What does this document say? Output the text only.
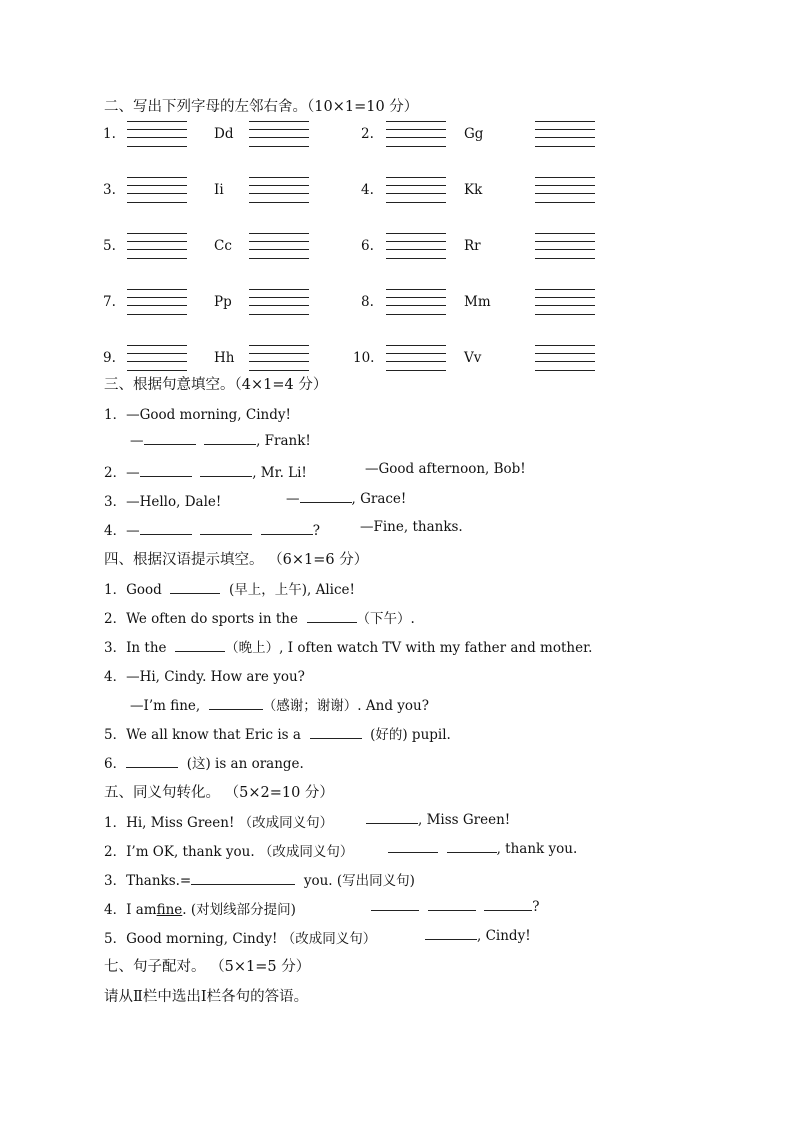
二、写出下列字母的左邻右舍。（10×1=10 分）
1.	Dd	2.	Gg
3.	Ii	4.	Kk
5.	Cc	6.	Rr
7.	Pp	8.	Mm
9.	Hh	10.	Vv
三、根据句意填空。（4×1=4 分）
1．—Good morning, Cindy!
—	, Frank!
2．—	, Mr. Li!	—Good afternoon, Bob!
3．—Hello, Dale!	—	, Grace!
4．—	?	—Fine, thanks.
四、根据汉语提示填空。 （6×1=6 分）
1．Good	(早上，上午), Alice!
2．We often do sports in the	（下午）.
3．In the	（晚上）, I often watch TV with my father and mother.
4．—Hi, Cindy. How are you?
—I’m fine,	（感谢；谢谢）. And you?
5．We all know that Eric is a	(好的) pupil.
6．	(这) is an orange.
五、同义句转化。 （5×2=10 分）
1．Hi, Miss Green! （改成同义句）	, Miss Green!
2．I’m OK, thank you. （改成同义句）	, thank you.
3．Thanks.=	you. (写出同义句)
4．I amfine. (对划线部分提问)	?
5．Good morning, Cindy! （改成同义句）	, Cindy!
七、句子配对。 （5×1=5 分）
请从Ⅱ栏中选出Ⅰ栏各句的答语。
